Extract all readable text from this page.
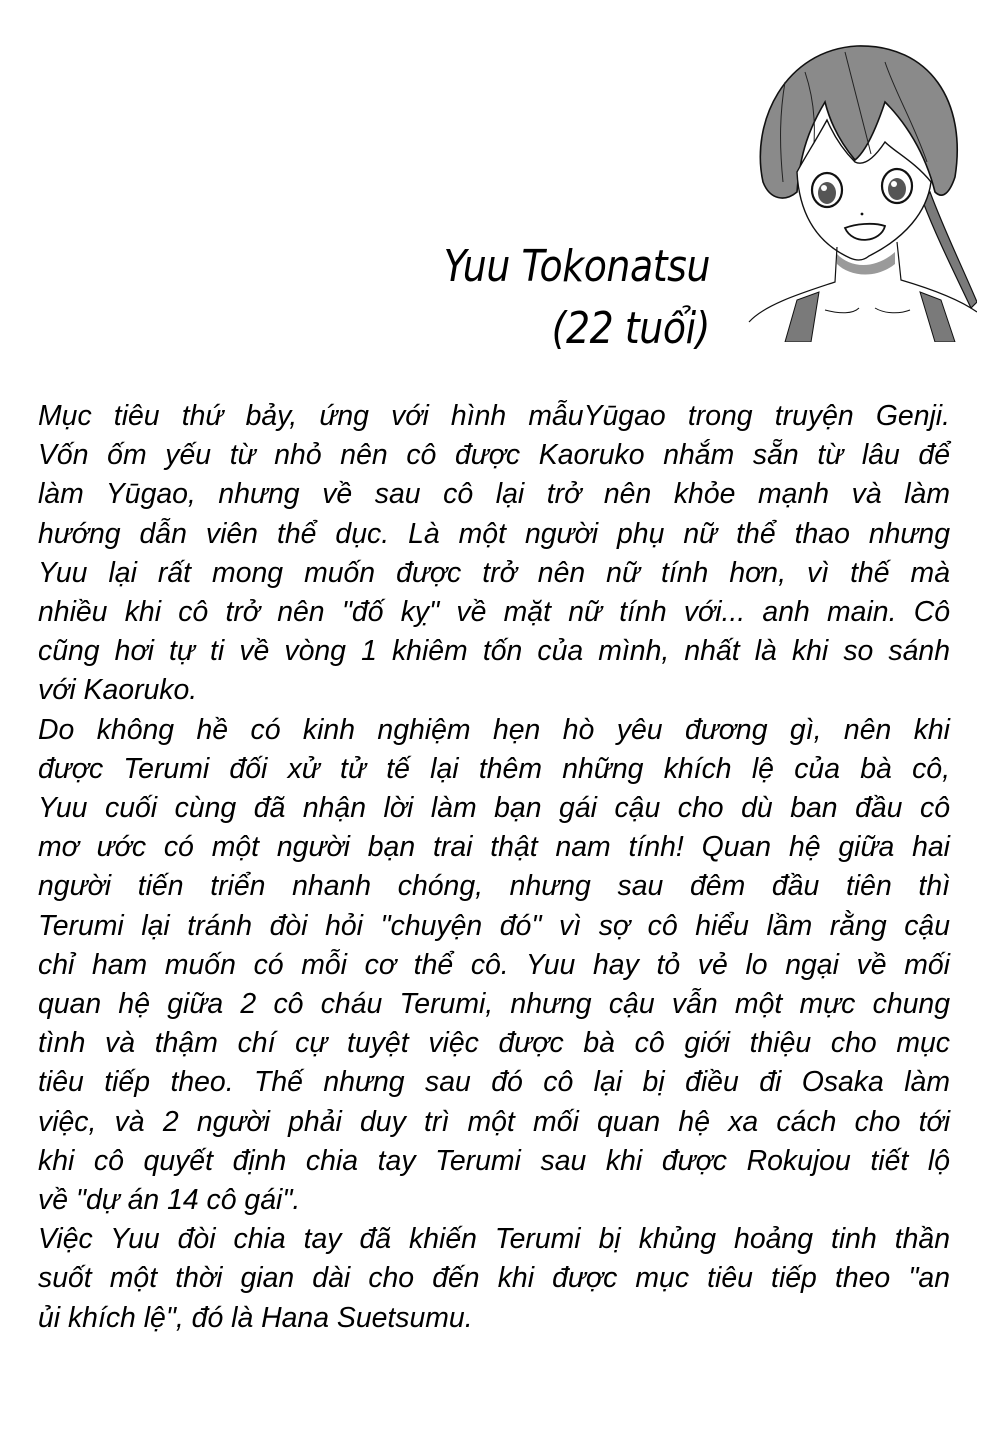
Yuu Tokonatsu
(22 tuổi)
Mục tiêu thứ bảy, ứng với hình mẫuYūgao trong truyện Genji.
Vốn ốm yếu từ nhỏ nên cô được Kaoruko nhắm sẵn từ lâu để
làm Yūgao, nhưng về sau cô lại trở nên khỏe mạnh và làm
hướng dẫn viên thể dục. Là một người phụ nữ thể thao nhưng
Yuu lại rất mong muốn được trở nên nữ tính hơn, vì thế mà
nhiều khi cô trở nên "đố kỵ" về mặt nữ tính với... anh main. Cô
cũng hơi tự ti về vòng 1 khiêm tốn của mình, nhất là khi so sánh
với Kaoruko.
Do không hề có kinh nghiệm hẹn hò yêu đương gì, nên khi
được Terumi đối xử tử tế lại thêm những khích lệ của bà cô,
Yuu cuối cùng đã nhận lời làm bạn gái cậu cho dù ban đầu cô
mơ ước có một người bạn trai thật nam tính! Quan hệ giữa hai
người tiến triển nhanh chóng, nhưng sau đêm đầu tiên thì
Terumi lại tránh đòi hỏi "chuyện đó" vì sợ cô hiểu lầm rằng cậu
chỉ ham muốn có mỗi cơ thể cô. Yuu hay tỏ vẻ lo ngại về mối
quan hệ giữa 2 cô cháu Terumi, nhưng cậu vẫn một mực chung
tình và thậm chí cự tuyệt việc được bà cô giới thiệu cho mục
tiêu tiếp theo. Thế nhưng sau đó cô lại bị điều đi Osaka làm
việc, và 2 người phải duy trì một mối quan hệ xa cách cho tới
khi cô quyết định chia tay Terumi sau khi được Rokujou tiết lộ
về "dự án 14 cô gái".
Việc Yuu đòi chia tay đã khiến Terumi bị khủng hoảng tinh thần
suốt một thời gian dài cho đến khi được mục tiêu tiếp theo "an
ủi khích lệ", đó là Hana Suetsumu.
